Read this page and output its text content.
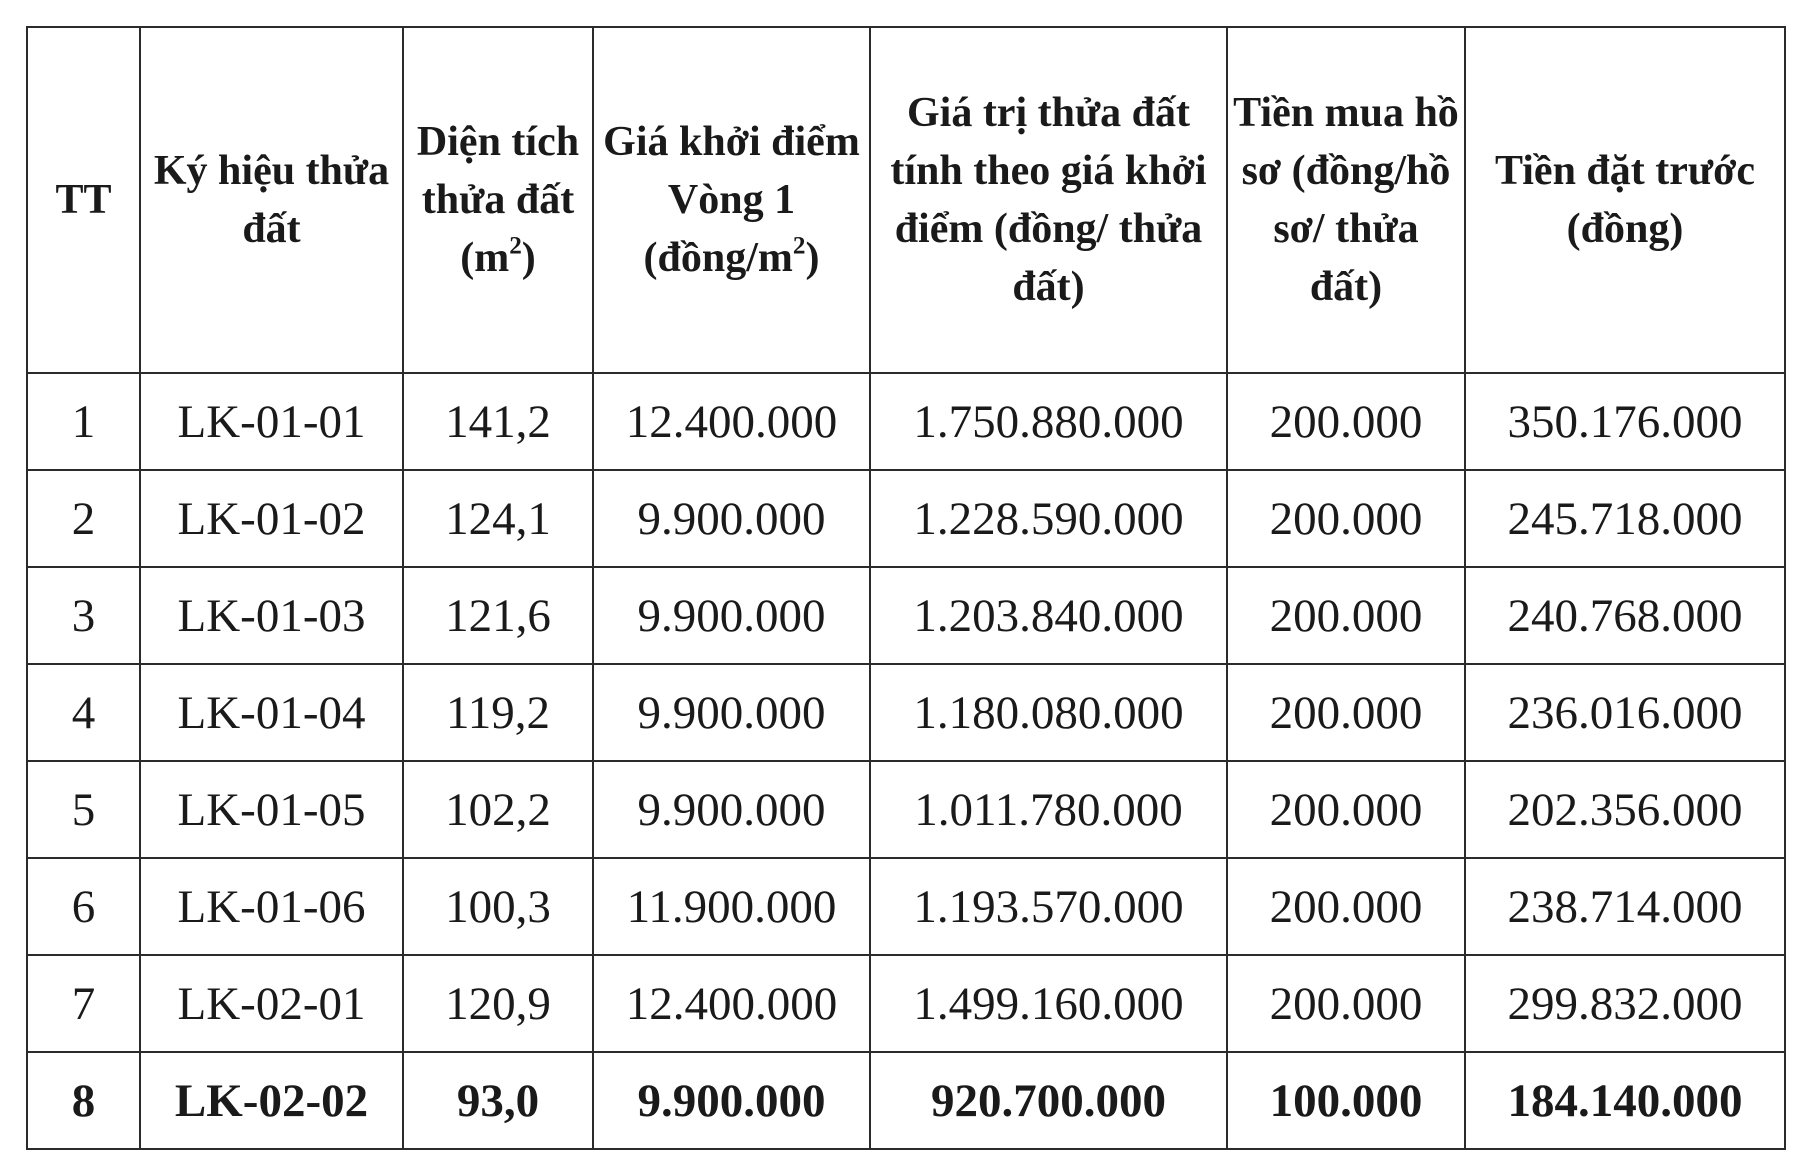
TT	Ký hiệu thửa đất	Diện tích thửa đất $(m^2)$	Giá khởi điểm Vòng 1 $(đồng/m^2)$	Giá trị thửa đất tính theo giá khởi điểm (đồng/ thửa đất)	Tiền mua hồ sơ (đồng/hồ sơ/ thửa đất)	Tiền đặt trước (đồng)
1	LK-01-01	141,2	12.400.000	1.750.880.000	200.000	350.176.000
2	LK-01-02	124,1	9.900.000	1.228.590.000	200.000	245.718.000
3	LK-01-03	121,6	9.900.000	1.203.840.000	200.000	240.768.000
4	LK-01-04	119,2	9.900.000	1.180.080.000	200.000	236.016.000
5	LK-01-05	102,2	9.900.000	1.011.780.000	200.000	202.356.000
6	LK-01-06	100,3	11.900.000	1.193.570.000	200.000	238.714.000
7	LK-02-01	120,9	12.400.000	1.499.160.000	200.000	299.832.000
8	LK-02-02	93,0	9.900.000	920.700.000	100.000	184.140.000
